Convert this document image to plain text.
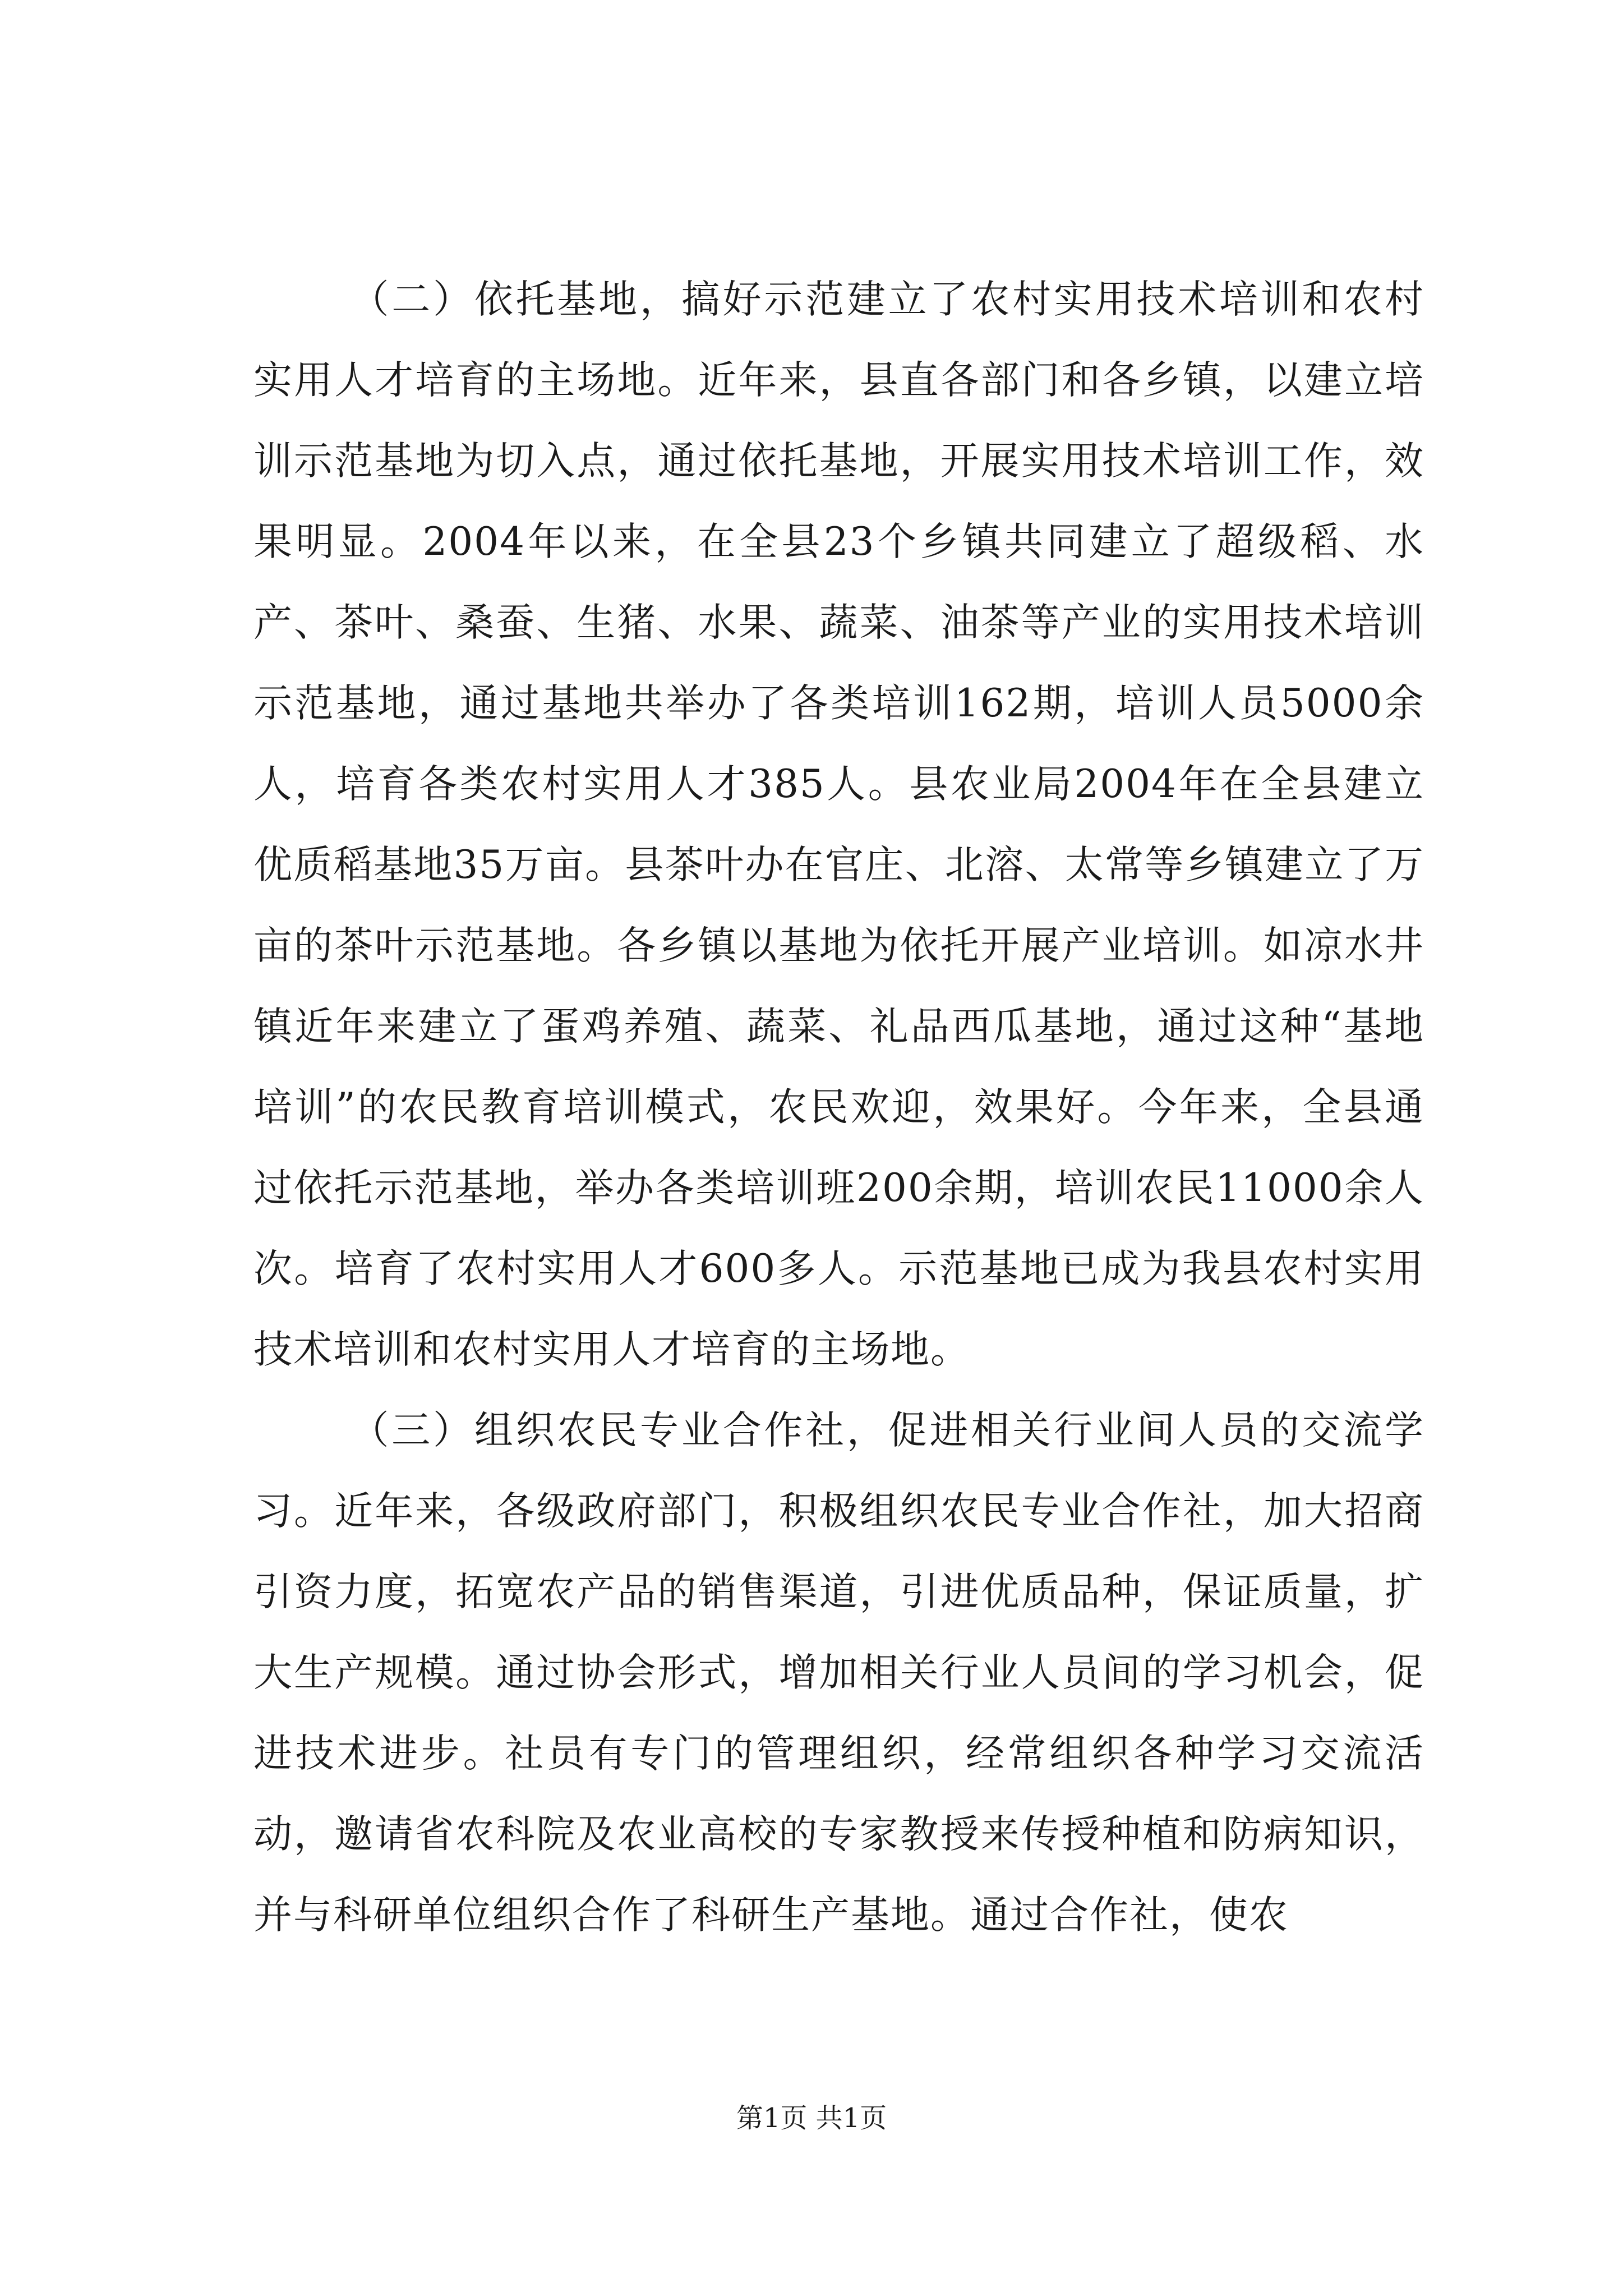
（二）依托基地，搞好示范建立了农村实用技术培训和农村实用人才培育的主场地。近年来，县直各部门和各乡镇，以建立培训示范基地为切入点，通过依托基地，开展实用技术培训工作，效果明显。2004年以来，在全县23个乡镇共同建立了超级稻、水产、茶叶、桑蚕、生猪、水果、蔬菜、油茶等产业的实用技术培训示范基地，通过基地共举办了各类培训162期，培训人员5000余人，培育各类农村实用人才385人。县农业局2004年在全县建立优质稻基地35万亩。县茶叶办在官庄、北溶、太常等乡镇建立了万亩的茶叶示范基地。各乡镇以基地为依托开展产业培训。如凉水井镇近年来建立了蛋鸡养殖、蔬菜、礼品西瓜基地，通过这种“基地培训”的农民教育培训模式，农民欢迎，效果好。今年来，全县通过依托示范基地，举办各类培训班200余期，培训农民11000余人次。培育了农村实用人才600多人。示范基地已成为我县农村实用技术培训和农村实用人才培育的主场地。

（三）组织农民专业合作社，促进相关行业间人员的交流学习。近年来，各级政府部门，积极组织农民专业合作社，加大招商引资力度，拓宽农产品的销售渠道，引进优质品种，保证质量，扩大生产规模。通过协会形式，增加相关行业人员间的学习机会，促进技术进步。社员有专门的管理组织，经常组织各种学习交流活动，邀请省农科院及农业高校的专家教授来传授种植和防病知识，并与科研单位组织合作了科研生产基地。通过合作社，使农

第1页 共1页
